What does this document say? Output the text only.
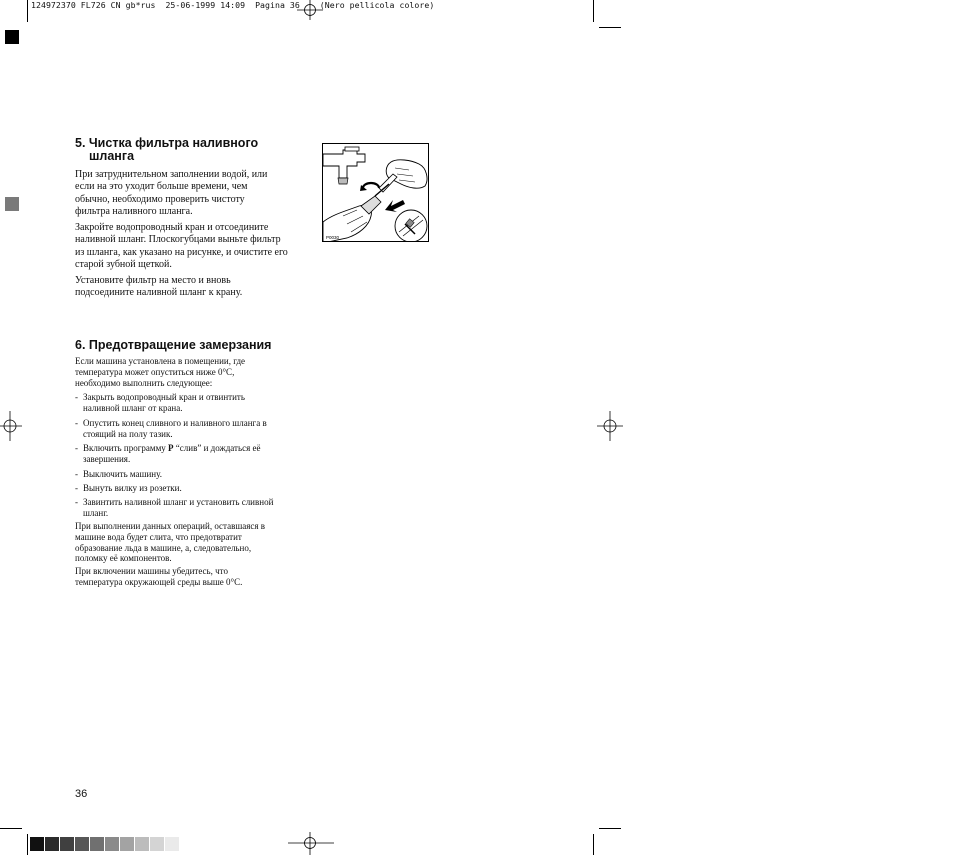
124972370 FL726 CN gb*rus  25-06-1999 14:09  Pagina 36    (Nero pellicola colore)
5. Чистка фильтра наливного
шланга

При затруднительном заполнении водой, или
если на это уходит больше времени, чем
обычно, необходимо проверить чистоту
фильтра наливного шланга.

Закройте водопроводный кран и отсоедините
наливной шланг. Плоскогубцами выньте фильтр
из шланга, как указано на рисунке, и очистите его
старой зубной щеткой.

Установите фильтр на место и вновь
подсоедините наливной шланг к крану.

P0030
6. Предотвращение замерзания

Если машина установлена в помещении, где
температура может опуститься ниже 0°C,
необходимо выполнить следующее:

- Закрыть водопроводный кран и отвинтить
наливной шланг от крана.
- Опустить конец сливного и наливного шланга в
стоящий на полу тазик.
- Включить программу P “слив” и дождаться её
завершения.
- Выключить машину.
- Вынуть вилку из розетки.
- Завинтить наливной шланг и установить сливной
шланг.

При выполнении данных операций, оставшаяся в
машине вода будет слита, что предотвратит
образование льда в машине, а, следовательно,
поломку её компонентов.

При включении машины убедитесь, что
температура окружающей среды выше 0°C.

36
